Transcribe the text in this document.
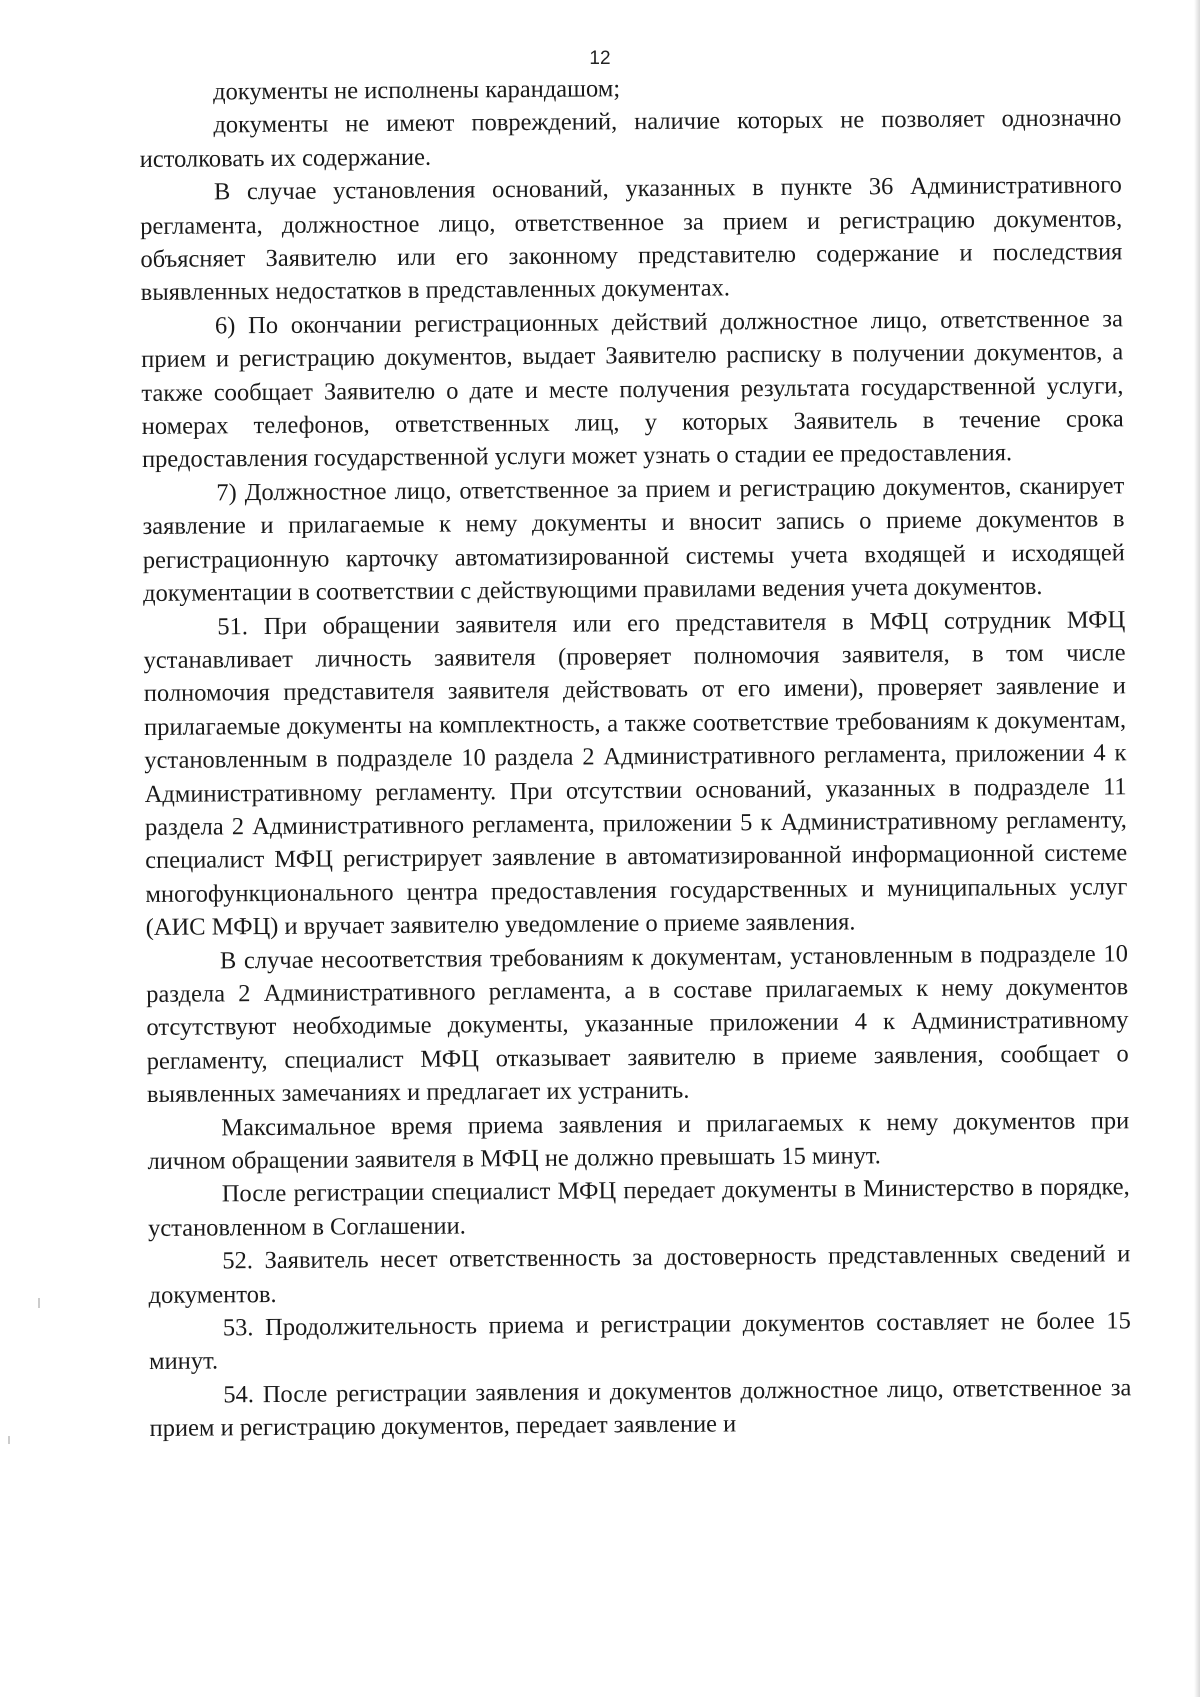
12

документы не исполнены карандашом;

документы не имеют повреждений, наличие которых не позволяет однозначно истолковать их содержание.

В случае установления оснований, указанных в пункте 36 Административного регламента, должностное лицо, ответственное за прием и регистрацию документов, объясняет Заявителю или его законному представителю содержание и последствия выявленных недостатков в представленных документах.

6) По окончании регистрационных действий должностное лицо, ответственное за прием и регистрацию документов, выдает Заявителю расписку в получении документов, а также сообщает Заявителю о дате и месте получения результата государственной услуги, номерах телефонов, ответственных лиц, у которых Заявитель в течение срока предоставления государственной услуги может узнать о стадии ее предоставления.

7) Должностное лицо, ответственное за прием и регистрацию документов, сканирует заявление и прилагаемые к нему документы и вносит запись о приеме документов в регистрационную карточку автоматизированной системы учета входящей и исходящей документации в соответствии с действующими правилами ведения учета документов.

51. При обращении заявителя или его представителя в МФЦ сотрудник МФЦ устанавливает личность заявителя (проверяет полномочия заявителя, в том числе полномочия представителя заявителя действовать от его имени), проверяет заявление и прилагаемые документы на комплектность, а также соответствие требованиям к документам, установленным в подразделе 10 раздела 2 Административного регламента, приложении 4 к Административному регламенту. При отсутствии оснований, указанных в подразделе 11 раздела 2 Административного регламента, приложении 5 к Административному регламенту, специалист МФЦ регистрирует заявление в автоматизированной информационной системе многофункционального центра предоставления государственных и муниципальных услуг (АИС МФЦ) и вручает заявителю уведомление о приеме заявления.

В случае несоответствия требованиям к документам, установленным в подразделе 10 раздела 2 Административного регламента, а в составе прилагаемых к нему документов отсутствуют необходимые документы, указанные приложении 4 к Административному регламенту, специалист МФЦ отказывает заявителю в приеме заявления, сообщает о выявленных замечаниях и предлагает их устранить.

Максимальное время приема заявления и прилагаемых к нему документов при личном обращении заявителя в МФЦ не должно превышать 15 минут.

После регистрации специалист МФЦ передает документы в Министерство в порядке, установленном в Соглашении.

52. Заявитель несет ответственность за достоверность представленных сведений и документов.

53. Продолжительность приема и регистрации документов составляет не более 15 минут.

54. После регистрации заявления и документов должностное лицо, ответственное за прием и регистрацию документов, передает заявление и
